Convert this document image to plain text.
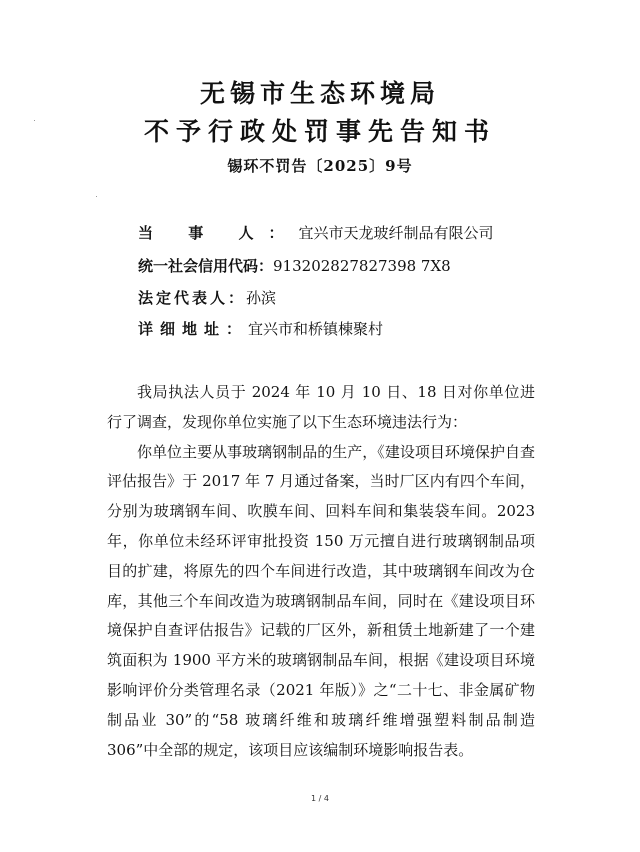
无锡市生态环境局
不予行政处罚事先告知书
锡环不罚告〔2025〕9号
当 事 人：宜兴市天龙玻纤制品有限公司
统一社会信用代码：913202827827398 7X8
法定代表人：孙滨
详细地址：宜兴市和桥镇棟聚村

我局执法人员于 2024 年 10 月 10 日、18 日对你单位进行了调查，发现你单位实施了以下生态环境违法行为：

你单位主要从事玻璃钢制品的生产，《建设项目环境保护自查评估报告》于 2017 年 7 月通过备案，当时厂区内有四个车间，分别为玻璃钢车间、吹膜车间、回料车间和集装袋车间。2023 年，你单位未经环评审批投资 150 万元擅自进行玻璃钢制品项目的扩建，将原先的四个车间进行改造，其中玻璃钢车间改为仓库，其他三个车间改造为玻璃钢制品车间，同时在《建设项目环境保护自查评估报告》记载的厂区外，新租赁土地新建了一个建筑面积为 1900 平方米的玻璃钢制品车间，根据《建设项目环境影响评价分类管理名录（2021 年版）》之“二十七、非金属矿物制品业 30”的“58 玻璃纤维和玻璃纤维增强塑料制品制造 306”中全部的规定，该项目应该编制环境影响报告表。

1 / 4
